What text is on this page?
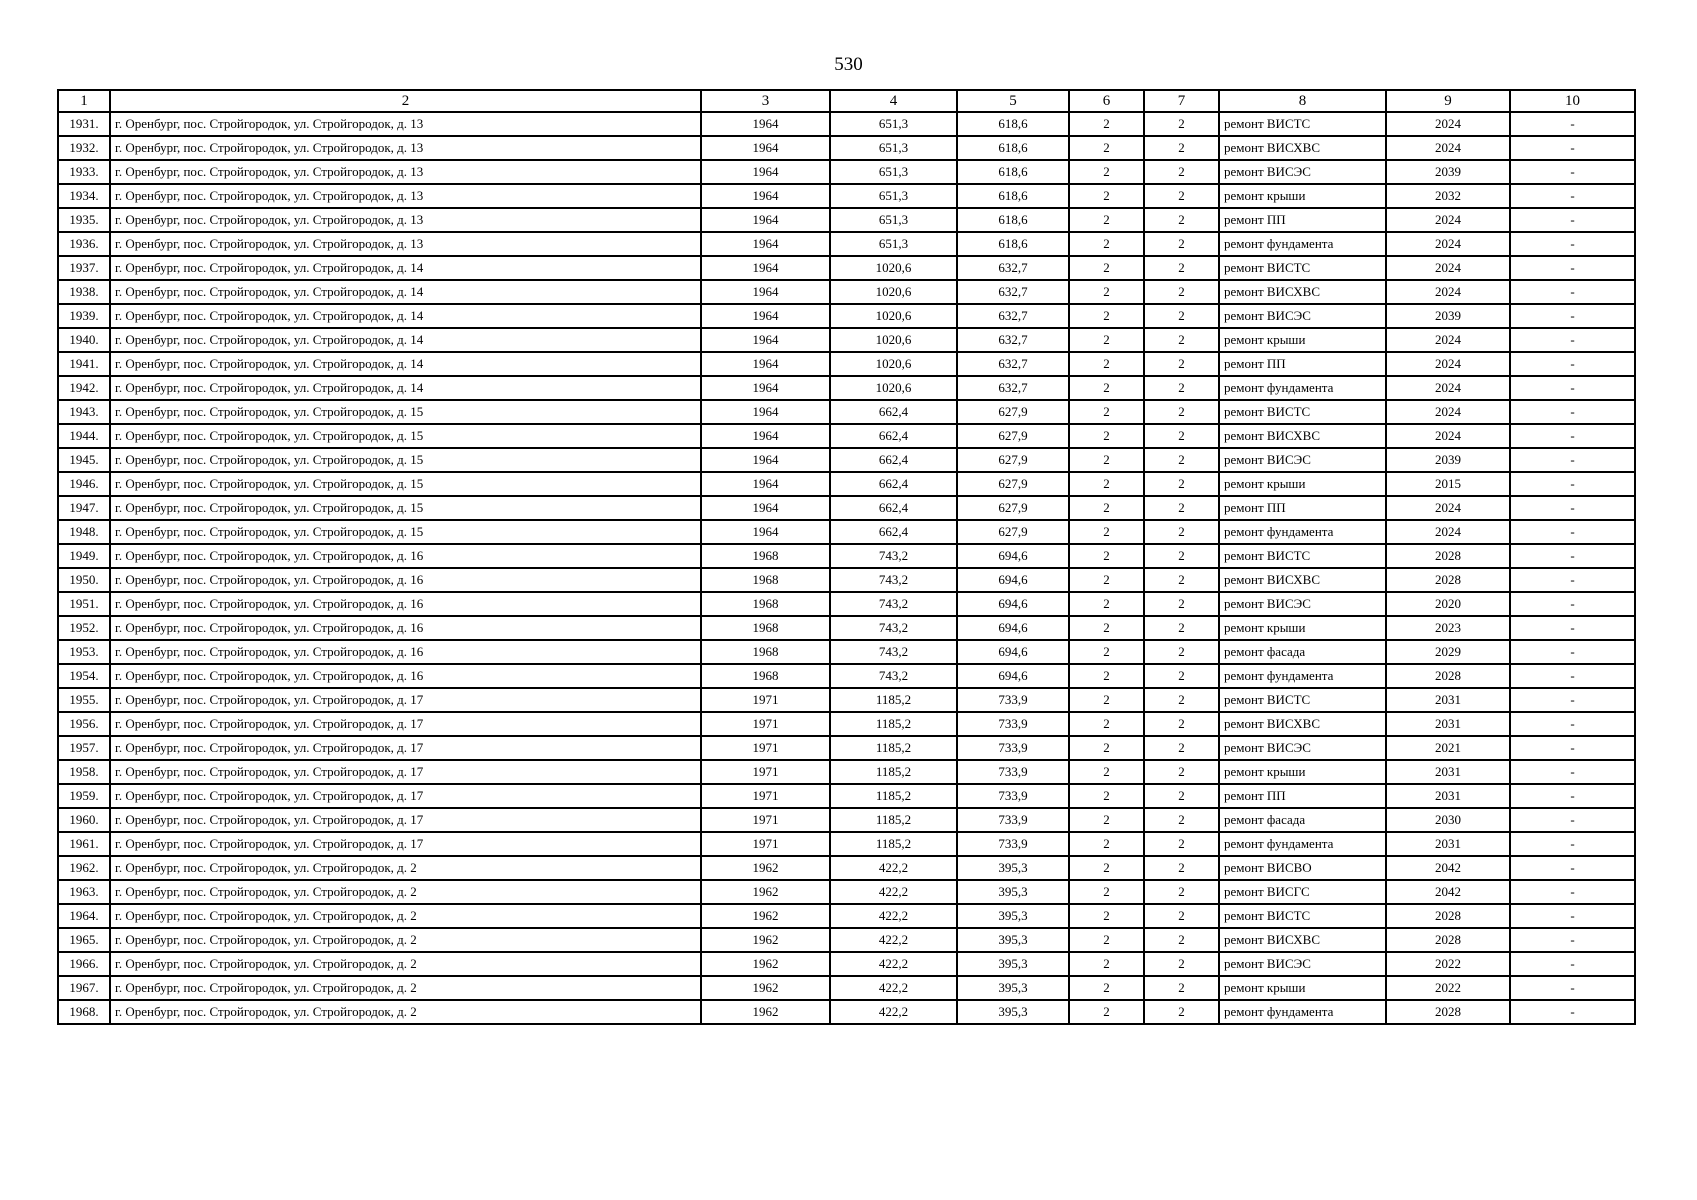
530
1	2	3	4	5	6	7	8	9	10
1931.	г. Оренбург, пос. Стройгородок, ул. Стройгородок, д. 13	1964	651,3	618,6	2	2	ремонт ВИСТС	2024	-
1932.	г. Оренбург, пос. Стройгородок, ул. Стройгородок, д. 13	1964	651,3	618,6	2	2	ремонт ВИСХВС	2024	-
1933.	г. Оренбург, пос. Стройгородок, ул. Стройгородок, д. 13	1964	651,3	618,6	2	2	ремонт ВИСЭС	2039	-
1934.	г. Оренбург, пос. Стройгородок, ул. Стройгородок, д. 13	1964	651,3	618,6	2	2	ремонт крыши	2032	-
1935.	г. Оренбург, пос. Стройгородок, ул. Стройгородок, д. 13	1964	651,3	618,6	2	2	ремонт ПП	2024	-
1936.	г. Оренбург, пос. Стройгородок, ул. Стройгородок, д. 13	1964	651,3	618,6	2	2	ремонт фундамента	2024	-
1937.	г. Оренбург, пос. Стройгородок, ул. Стройгородок, д. 14	1964	1020,6	632,7	2	2	ремонт ВИСТС	2024	-
1938.	г. Оренбург, пос. Стройгородок, ул. Стройгородок, д. 14	1964	1020,6	632,7	2	2	ремонт ВИСХВС	2024	-
1939.	г. Оренбург, пос. Стройгородок, ул. Стройгородок, д. 14	1964	1020,6	632,7	2	2	ремонт ВИСЭС	2039	-
1940.	г. Оренбург, пос. Стройгородок, ул. Стройгородок, д. 14	1964	1020,6	632,7	2	2	ремонт крыши	2024	-
1941.	г. Оренбург, пос. Стройгородок, ул. Стройгородок, д. 14	1964	1020,6	632,7	2	2	ремонт ПП	2024	-
1942.	г. Оренбург, пос. Стройгородок, ул. Стройгородок, д. 14	1964	1020,6	632,7	2	2	ремонт фундамента	2024	-
1943.	г. Оренбург, пос. Стройгородок, ул. Стройгородок, д. 15	1964	662,4	627,9	2	2	ремонт ВИСТС	2024	-
1944.	г. Оренбург, пос. Стройгородок, ул. Стройгородок, д. 15	1964	662,4	627,9	2	2	ремонт ВИСХВС	2024	-
1945.	г. Оренбург, пос. Стройгородок, ул. Стройгородок, д. 15	1964	662,4	627,9	2	2	ремонт ВИСЭС	2039	-
1946.	г. Оренбург, пос. Стройгородок, ул. Стройгородок, д. 15	1964	662,4	627,9	2	2	ремонт крыши	2015	-
1947.	г. Оренбург, пос. Стройгородок, ул. Стройгородок, д. 15	1964	662,4	627,9	2	2	ремонт ПП	2024	-
1948.	г. Оренбург, пос. Стройгородок, ул. Стройгородок, д. 15	1964	662,4	627,9	2	2	ремонт фундамента	2024	-
1949.	г. Оренбург, пос. Стройгородок, ул. Стройгородок, д. 16	1968	743,2	694,6	2	2	ремонт ВИСТС	2028	-
1950.	г. Оренбург, пос. Стройгородок, ул. Стройгородок, д. 16	1968	743,2	694,6	2	2	ремонт ВИСХВС	2028	-
1951.	г. Оренбург, пос. Стройгородок, ул. Стройгородок, д. 16	1968	743,2	694,6	2	2	ремонт ВИСЭС	2020	-
1952.	г. Оренбург, пос. Стройгородок, ул. Стройгородок, д. 16	1968	743,2	694,6	2	2	ремонт крыши	2023	-
1953.	г. Оренбург, пос. Стройгородок, ул. Стройгородок, д. 16	1968	743,2	694,6	2	2	ремонт фасада	2029	-
1954.	г. Оренбург, пос. Стройгородок, ул. Стройгородок, д. 16	1968	743,2	694,6	2	2	ремонт фундамента	2028	-
1955.	г. Оренбург, пос. Стройгородок, ул. Стройгородок, д. 17	1971	1185,2	733,9	2	2	ремонт ВИСТС	2031	-
1956.	г. Оренбург, пос. Стройгородок, ул. Стройгородок, д. 17	1971	1185,2	733,9	2	2	ремонт ВИСХВС	2031	-
1957.	г. Оренбург, пос. Стройгородок, ул. Стройгородок, д. 17	1971	1185,2	733,9	2	2	ремонт ВИСЭС	2021	-
1958.	г. Оренбург, пос. Стройгородок, ул. Стройгородок, д. 17	1971	1185,2	733,9	2	2	ремонт крыши	2031	-
1959.	г. Оренбург, пос. Стройгородок, ул. Стройгородок, д. 17	1971	1185,2	733,9	2	2	ремонт ПП	2031	-
1960.	г. Оренбург, пос. Стройгородок, ул. Стройгородок, д. 17	1971	1185,2	733,9	2	2	ремонт фасада	2030	-
1961.	г. Оренбург, пос. Стройгородок, ул. Стройгородок, д. 17	1971	1185,2	733,9	2	2	ремонт фундамента	2031	-
1962.	г. Оренбург, пос. Стройгородок, ул. Стройгородок, д. 2	1962	422,2	395,3	2	2	ремонт ВИСВО	2042	-
1963.	г. Оренбург, пос. Стройгородок, ул. Стройгородок, д. 2	1962	422,2	395,3	2	2	ремонт ВИСГС	2042	-
1964.	г. Оренбург, пос. Стройгородок, ул. Стройгородок, д. 2	1962	422,2	395,3	2	2	ремонт ВИСТС	2028	-
1965.	г. Оренбург, пос. Стройгородок, ул. Стройгородок, д. 2	1962	422,2	395,3	2	2	ремонт ВИСХВС	2028	-
1966.	г. Оренбург, пос. Стройгородок, ул. Стройгородок, д. 2	1962	422,2	395,3	2	2	ремонт ВИСЭС	2022	-
1967.	г. Оренбург, пос. Стройгородок, ул. Стройгородок, д. 2	1962	422,2	395,3	2	2	ремонт крыши	2022	-
1968.	г. Оренбург, пос. Стройгородок, ул. Стройгородок, д. 2	1962	422,2	395,3	2	2	ремонт фундамента	2028	-
